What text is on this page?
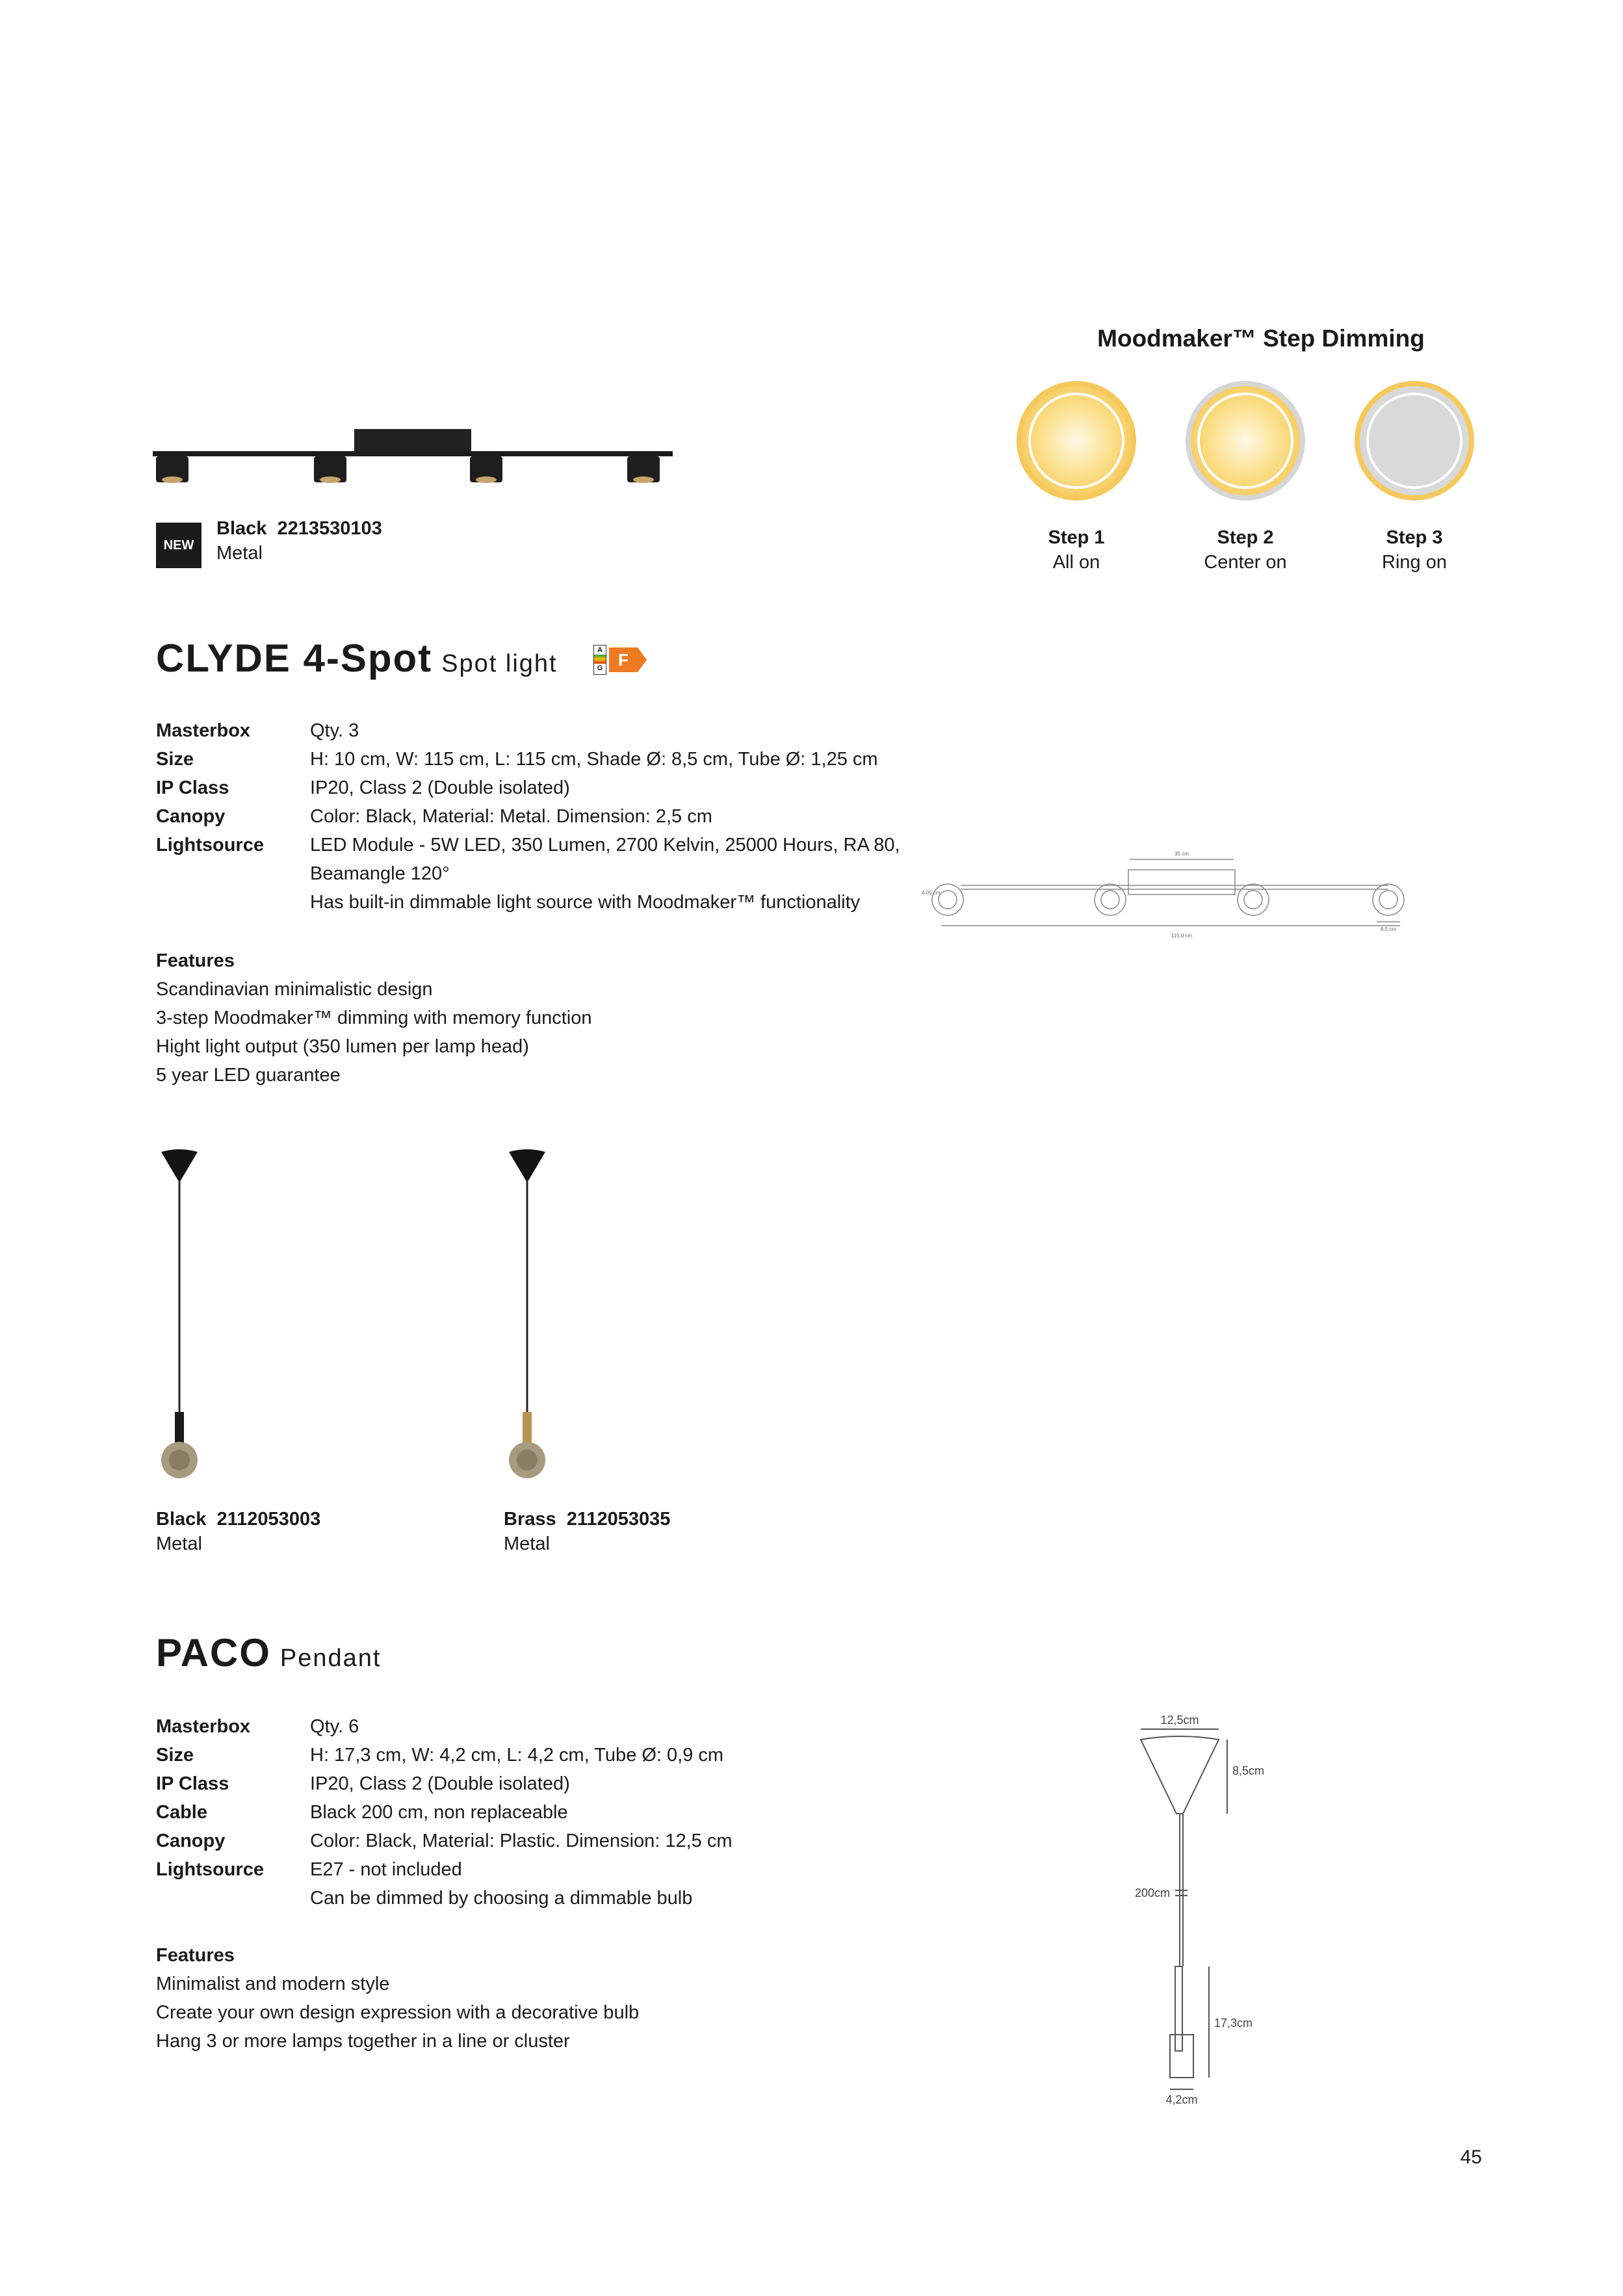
NEW
Black 2213530103
Metal
Moodmaker™ Step Dimming
Step 1
All on
Step 2
Center on
Step 3
Ring on
CLYDE 4-Spot Spot light	A
G F
Masterbox	Qty. 3
Size	H: 10 cm, W: 115 cm, L: 115 cm, Shade Ø: 8,5 cm, Tube Ø: 1,25 cm
IP Class	IP20, Class 2 (Double isolated)
Canopy	Color: Black, Material: Metal. Dimension: 2,5 cm
Lightsource LED Module - 5W LED, 350 Lumen, 2700 Kelvin, 25000 Hours, RA 80,
Beamangle 120°
Has built-in dimmable light source with Moodmaker™ functionality
35 cm
4,05 cm
8,5 cm
115,0 cm
Features
Scandinavian minimalistic design
3-step Moodmaker™ dimming with memory function
Hight light output (350 lumen per lamp head)
5 year LED guarantee
Black 2112053003
Metal
Brass 2112053035
Metal
PACO Pendant
Masterbox	Qty. 6
Size	H: 17,3 cm, W: 4,2 cm, L: 4,2 cm, Tube Ø: 0,9 cm
IP Class	IP20, Class 2 (Double isolated)
Cable	Black 200 cm, non replaceable
Canopy	Color: Black, Material: Plastic. Dimension: 12,5 cm
Lightsource E27 - not included
Can be dimmed by choosing a dimmable bulb
Features
Minimalist and modern style
Create your own design expression with a decorative bulb
Hang 3 or more lamps together in a line or cluster
12,5cm
8,5cm
200cm
17,3cm
4,2cm
45
